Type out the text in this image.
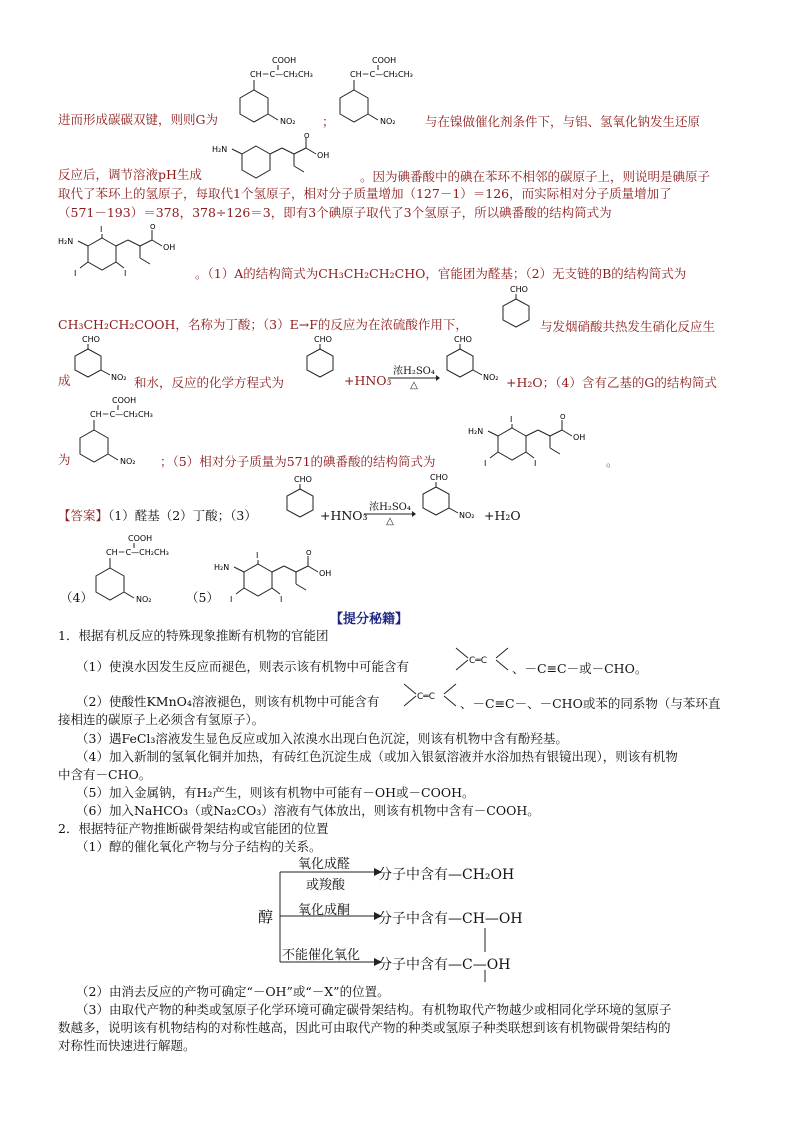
COOH
CH＝C—CH₂CH₃
NO₂
COOH
CH＝C—CH₂CH₃
NO₂
进而形成碳碳双键，则则G为	；	与在镍做催化剂条件下，与铝、氢氧化钠发生还原
H₂N
O
OH
反应后，调节溶液pH生成	。因为碘番酸中的碘在苯环不相邻的碳原子上，则说明是碘原子
取代了苯环上的氢原子，每取代1个氢原子，相对分子质量增加（127－1）＝126，而实际相对分子质量增加了
（571－193）＝378，378÷126＝3，即有3个碘原子取代了3个氢原子，所以碘番酸的结构简式为
I
H₂N
I	I
O
OH
。（1）A的结构简式为CH₃CH₂CH₂CHO，官能团为醛基；（2）无支链的B的结构简式为
CHO
CH₃CH₂CH₂COOH，名称为丁酸；（3）E→F的反应为在浓硫酸作用下，	与发烟硝酸共热发生硝化反应生
CHO
NO₂
成	和水，反应的化学方程式为
CHO
+HNO₃
浓H₂SO₄
△
CHO
NO₂ +H₂O；（4）含有乙基的G的结构简式
COOH
CH＝C—CH₂CH₃
NO₂
为	；（5）相对分子质量为571的碘番酸的结构简式为
I
H₂N
I	I
O
OH
。
【答案】（1）醛基（2）丁酸；（3）
CHO
+HNO₃
浓H₂SO₄
△
CHO
NO₂ +H₂O
（4）
COOH
CH＝C—CH₂CH₃
NO₂	（5）
I
H₂N
I	I
O
OH
【提分秘籍】
1．根据有机反应的特殊现象推断有机物的官能团
（1）使溴水因发生反应而褪色，则表示该有机物中可能含有	C═C 、－C≡C－或－CHO。
（2）使酸性KMnO₄溶液褪色，则该有机物中可能含有	C═C 、－C≡C－、－CHO或苯的同系物（与苯环直
接相连的碳原子上必须含有氢原子）。
（3）遇FeCl₃溶液发生显色反应或加入浓溴水出现白色沉淀，则该有机物中含有酚羟基。
（4）加入新制的氢氧化铜并加热，有砖红色沉淀生成（或加入银氨溶液并水浴加热有银镜出现），则该有机物
中含有－CHO。
（5）加入金属钠，有H₂产生，则该有机物中可能有－OH或－COOH。
（6）加入NaHCO₃（或Na₂CO₃）溶液有气体放出，则该有机物中含有－COOH。
2．根据特征产物推断碳骨架结构或官能团的位置
（1）醇的催化氧化产物与分子结构的关系。
醇
氧化成醛
或羧酸
分子中含有—CH₂OH
氧化成酮
分子中含有—CH—OH
不能催化氧化
分子中含有—C—OH
（2）由消去反应的产物可确定“－OH”或“－X”的位置。
（3）由取代产物的种类或氢原子化学环境可确定碳骨架结构。有机物取代产物越少或相同化学环境的氢原子
数越多，说明该有机物结构的对称性越高，因此可由取代产物的种类或氢原子种类联想到该有机物碳骨架结构的
对称性而快速进行解题。
